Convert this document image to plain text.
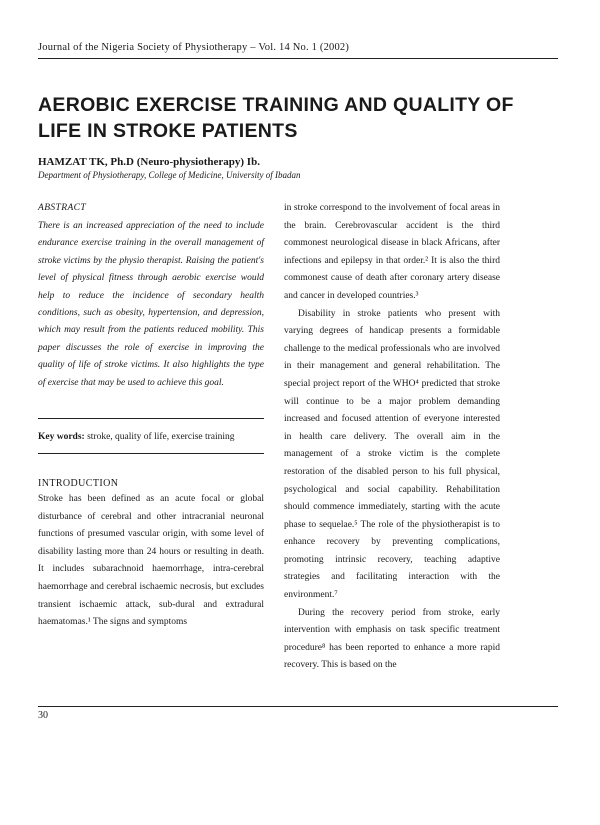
Journal of the Nigeria Society of Physiotherapy – Vol. 14 No. 1 (2002)
AEROBIC EXERCISE TRAINING AND QUALITY OF LIFE IN STROKE PATIENTS
HAMZAT TK, Ph.D (Neuro-physiotherapy) Ib.
Department of Physiotherapy, College of Medicine, University of Ibadan
ABSTRACT

There is an increased appreciation of the need to include endurance exercise training in the overall management of stroke victims by the physio therapist. Raising the patient's level of physical fitness through aerobic exercise would help to reduce the incidence of secondary health conditions, such as obesity, hypertension, and depression, which may result from the patients reduced mobility. This paper discusses the role of exercise in improving the quality of life of stroke victims. It also highlights the type of exercise that may be used to achieve this goal.

Key words: stroke, quality of life, exercise training

INTRODUCTION

Stroke has been defined as an acute focal or global disturbance of cerebral and other intracranial neuronal functions of presumed vascular origin, with some level of disability lasting more than 24 hours or resulting in death. It includes subarachnoid haemorrhage, intra-cerebral haemorrhage and cerebral ischaemic necrosis, but excludes transient ischaemic attack, sub-dural and extradural haematomas.¹ The signs and symptoms

in stroke correspond to the involvement of focal areas in the brain. Cerebrovascular accident is the third commonest neurological disease in black Africans, after infections and epilepsy in that order.² It is also the third commonest cause of death after coronary artery disease and cancer in developed countries.³

Disability in stroke patients who present with varying degrees of handicap presents a formidable challenge to the medical professionals who are involved in their management and general rehabilitation. The special project report of the WHO⁴ predicted that stroke will continue to be a major problem demanding increased and focused attention of everyone interested in health care delivery. The overall aim in the management of a stroke victim is the complete restoration of the disabled person to his full physical, psychological and social capability. Rehabilitation should commence immediately, starting with the acute phase to sequelae.⁵ The role of the physiotherapist is to enhance recovery by preventing complications, promoting intrinsic recovery, teaching adaptive strategies and facilitating interaction with the environment.⁷

During the recovery period from stroke, early intervention with emphasis on task specific treatment procedure⁸ has been reported to enhance a more rapid recovery. This is based on the

30
